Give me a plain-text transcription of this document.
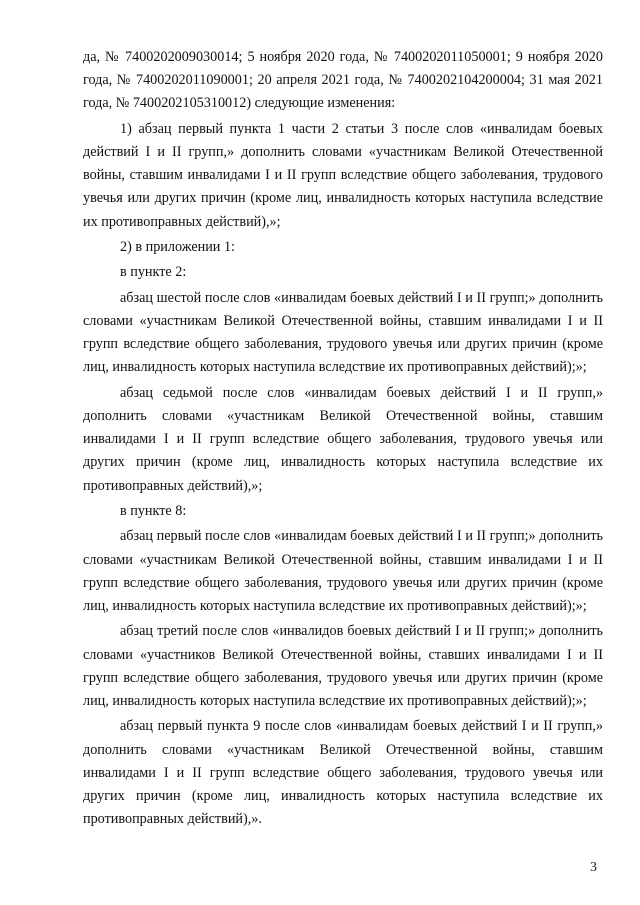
да, № 7400202009030014; 5 ноября 2020 года, № 7400202011050001; 9 ноября 2020 года, № 7400202011090001; 20 апреля 2021 года, № 7400202104200004; 31 мая 2021 года, № 7400202105310012) следующие изменения:

1) абзац первый пункта 1 части 2 статьи 3 после слов «инвалидам боевых действий I и II групп,» дополнить словами «участникам Великой Отечественной войны, ставшим инвалидами I и II групп вследствие общего заболевания, трудового увечья или других причин (кроме лиц, инвалидность которых наступила вследствие их противоправных действий),»;

2) в приложении 1:

в пункте 2:

абзац шестой после слов «инвалидам боевых действий I и II групп;» дополнить словами «участникам Великой Отечественной войны, ставшим инвалидами I и II групп вследствие общего заболевания, трудового увечья или других причин (кроме лиц, инвалидность которых наступила вследствие их противоправных действий);»;

абзац седьмой после слов «инвалидам боевых действий I и II групп,» дополнить словами «участникам Великой Отечественной войны, ставшим инвалидами I и II групп вследствие общего заболевания, трудового увечья или других причин (кроме лиц, инвалидность которых наступила вследствие их противоправных действий),»;

в пункте 8:

абзац первый после слов «инвалидам боевых действий I и II групп;» дополнить словами «участникам Великой Отечественной войны, ставшим инвалидами I и II групп вследствие общего заболевания, трудового увечья или других причин (кроме лиц, инвалидность которых наступила вследствие их противоправных действий);»;

абзац третий после слов «инвалидов боевых действий I и II групп;» дополнить словами «участников Великой Отечественной войны, ставших инвалидами I и II групп вследствие общего заболевания, трудового увечья или других причин (кроме лиц, инвалидность которых наступила вследствие их противоправных действий);»;

абзац первый пункта 9 после слов «инвалидам боевых действий I и II групп,» дополнить словами «участникам Великой Отечественной войны, ставшим инвалидами I и II групп вследствие общего заболевания, трудового увечья или других причин (кроме лиц, инвалидность которых наступила вследствие их противоправных действий),».

3
